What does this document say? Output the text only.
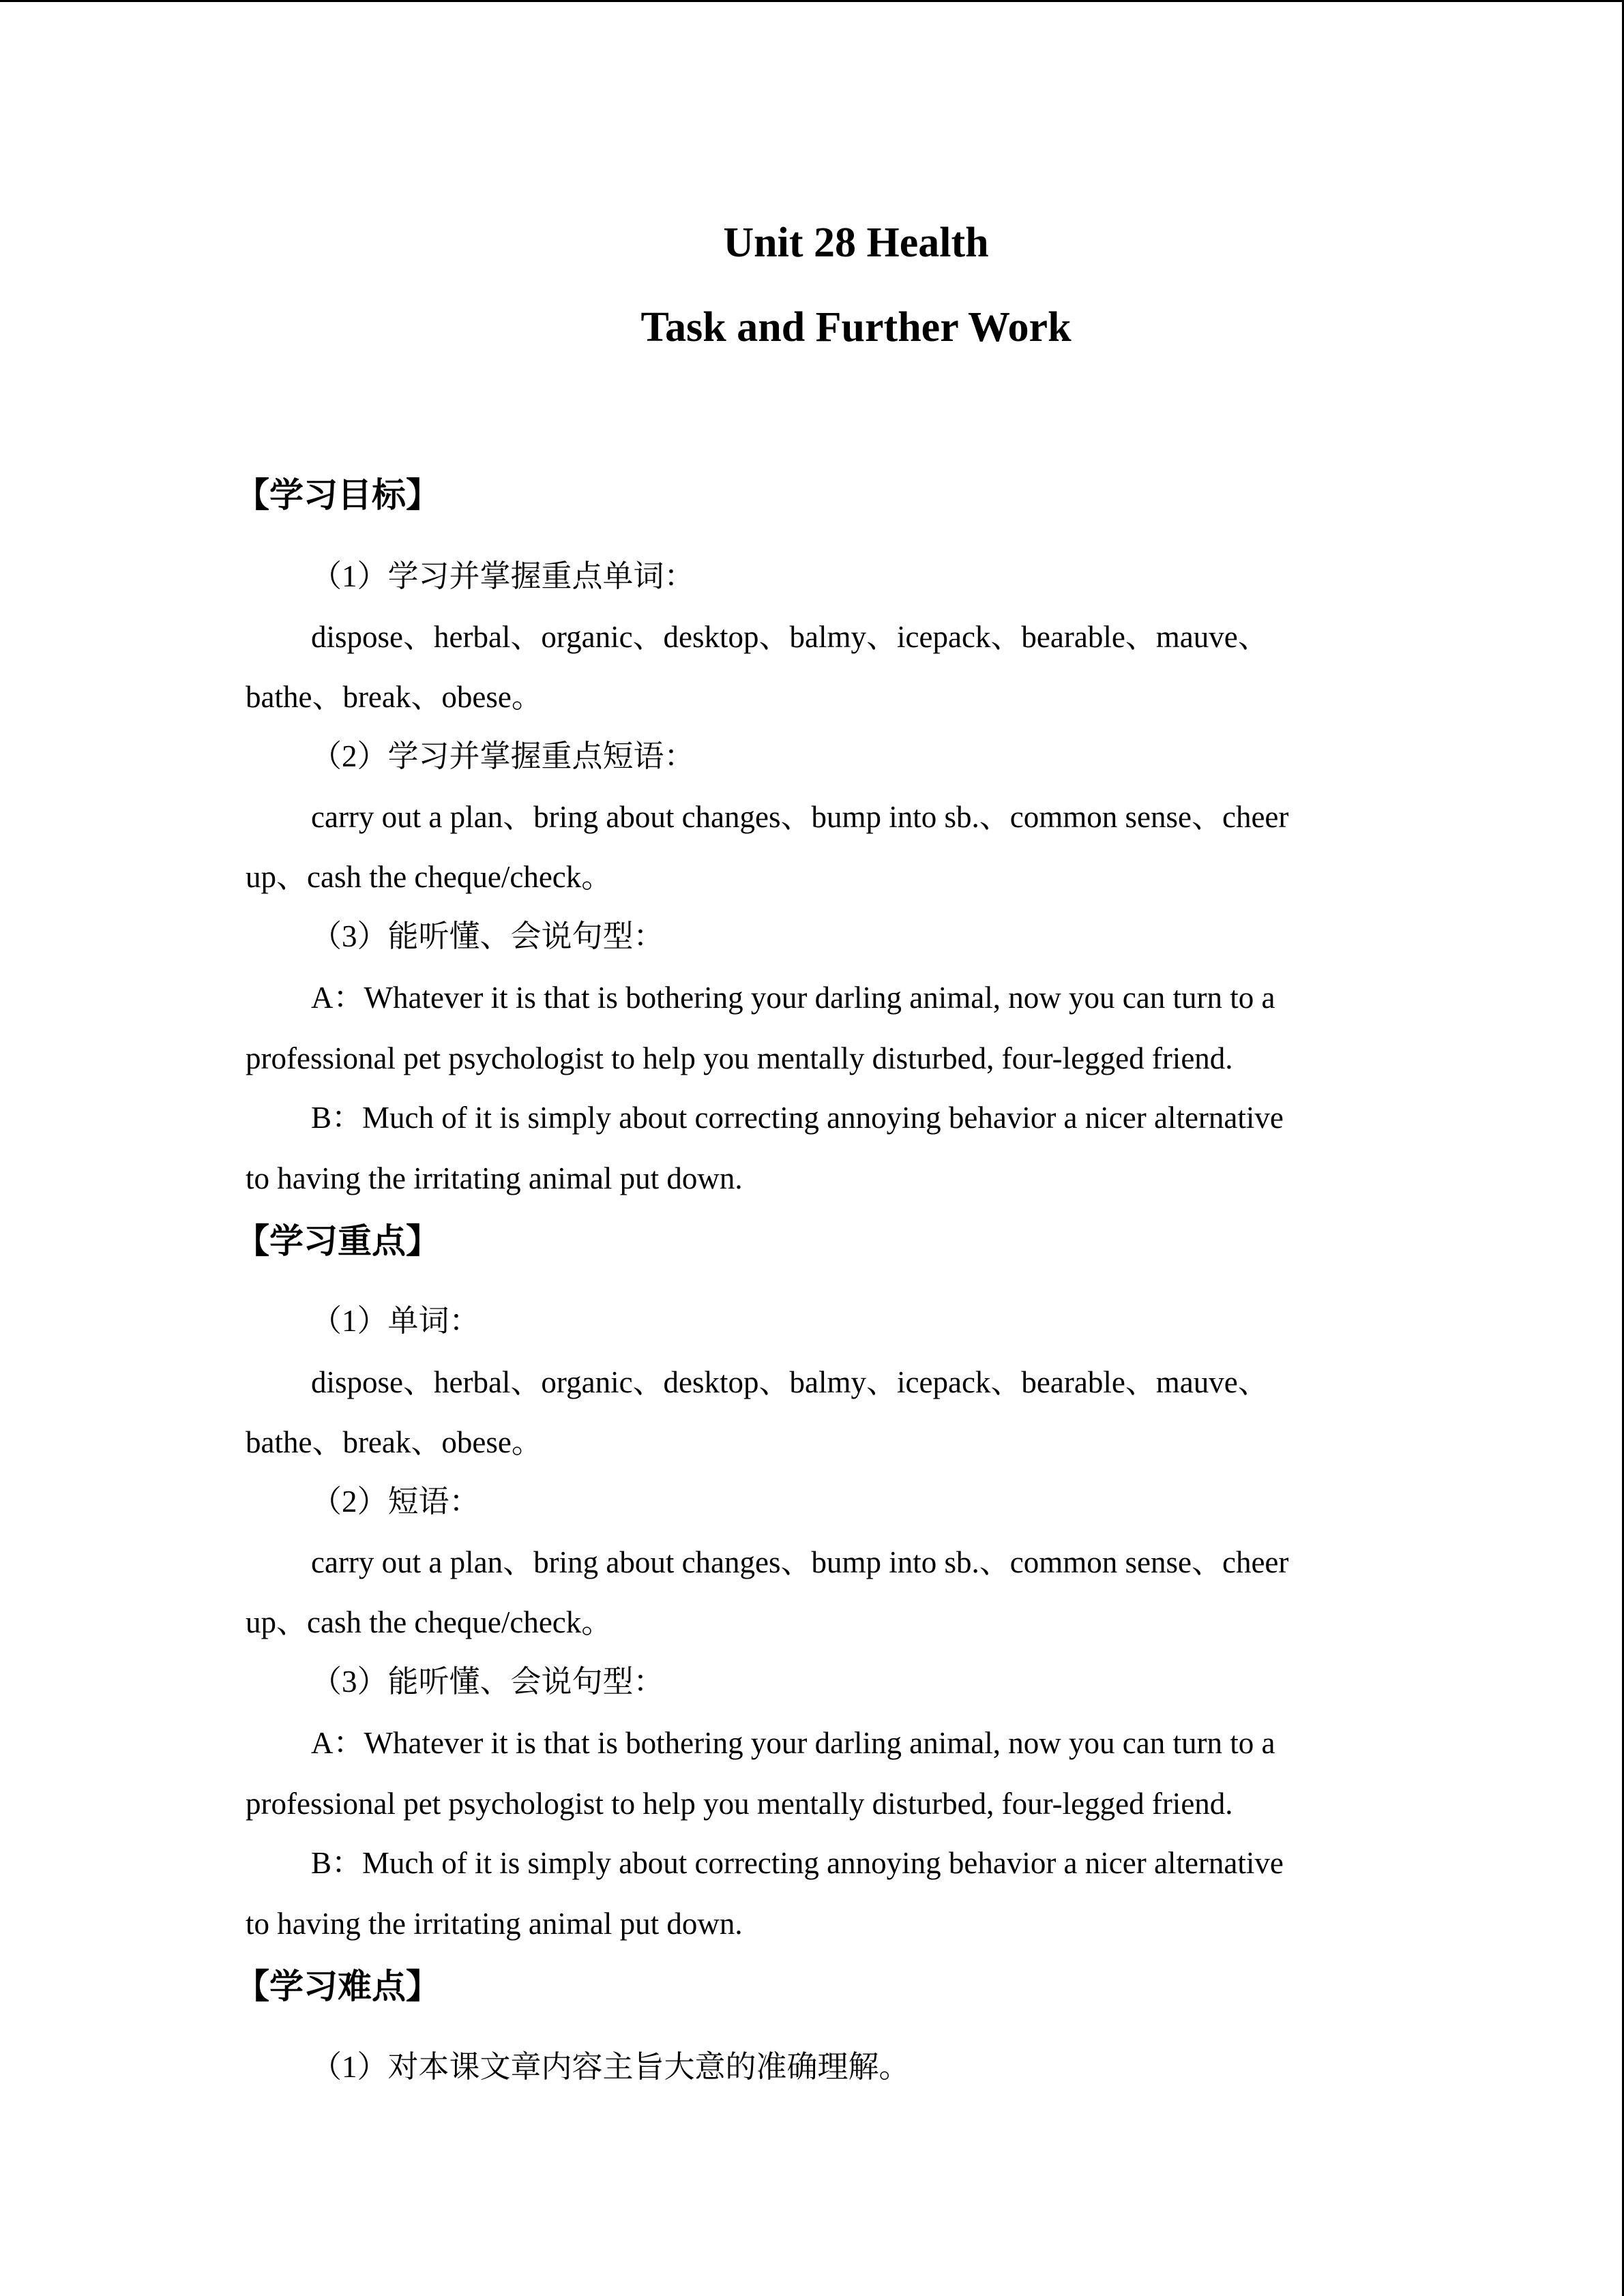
Unit 28 Health
Task and Further Work
【学习目标】
（1）学习并掌握重点单词：
dispose、herbal、organic、desktop、balmy、icepack、bearable、mauve、
bathe、break、obese。
（2）学习并掌握重点短语：
carry out a plan、bring about changes、bump into sb.、common sense、cheer
up、cash the cheque/check。
（3）能听懂、会说句型：
A：Whatever it is that is bothering your darling animal, now you can turn to a
professional pet psychologist to help you mentally disturbed, four-legged friend.
B：Much of it is simply about correcting annoying behavior a nicer alternative
to having the irritating animal put down.
【学习重点】
（1）单词：
dispose、herbal、organic、desktop、balmy、icepack、bearable、mauve、
bathe、break、obese。
（2）短语：
carry out a plan、bring about changes、bump into sb.、common sense、cheer
up、cash the cheque/check。
（3）能听懂、会说句型：
A：Whatever it is that is bothering your darling animal, now you can turn to a
professional pet psychologist to help you mentally disturbed, four-legged friend.
B：Much of it is simply about correcting annoying behavior a nicer alternative
to having the irritating animal put down.
【学习难点】
（1）对本课文章内容主旨大意的准确理解。
